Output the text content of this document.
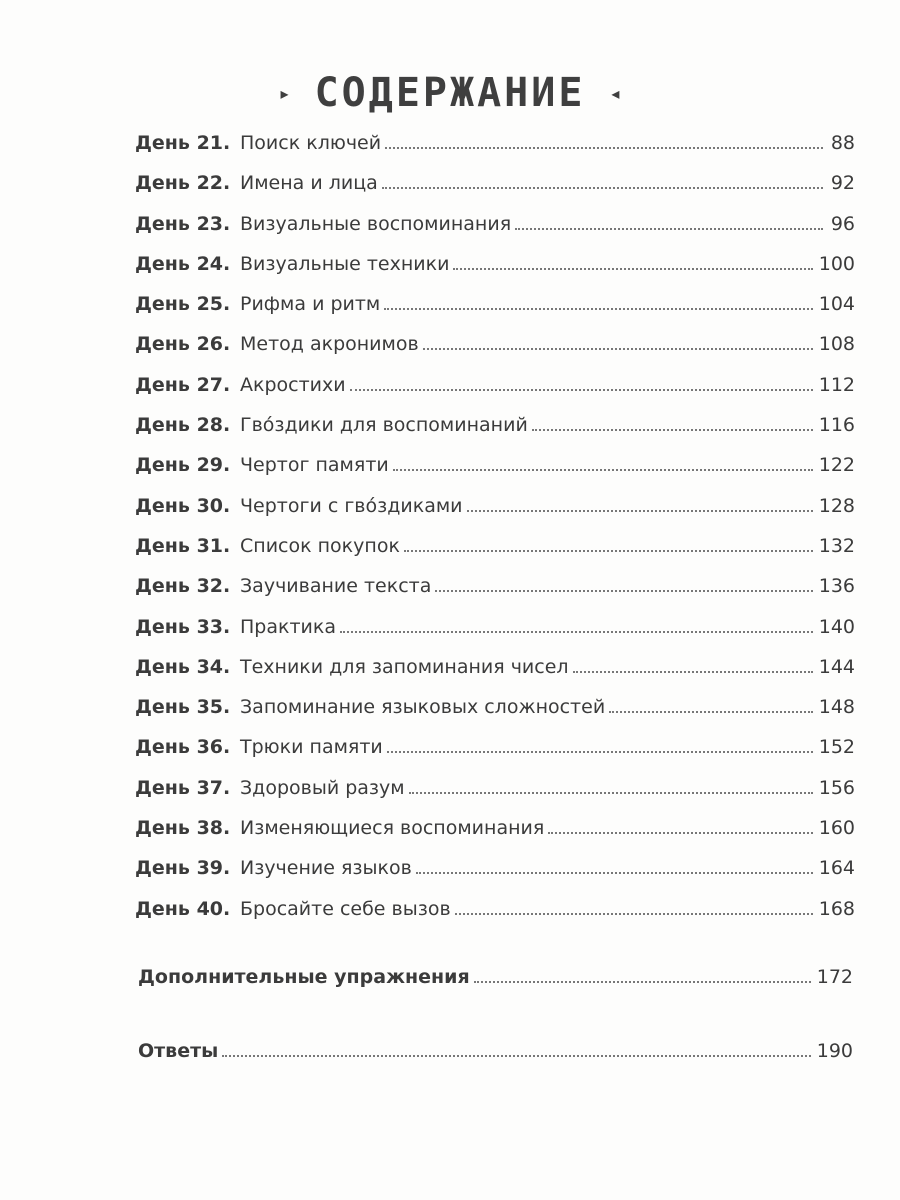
▸ СОДЕРЖАНИЕ ◂
День 21. Поиск ключей	88
День 22. Имена и лица	92
День 23. Визуальные воспоминания	96
День 24. Визуальные техники	100
День 25. Рифма и ритм	104
День 26. Метод акронимов	108
День 27. Акростихи	112
День 28. Гвóздики для воспоминаний	116
День 29. Чертог памяти	122
День 30. Чертоги с гвóздиками	128
День 31. Список покупок	132
День 32. Заучивание текста	136
День 33. Практика	140
День 34. Техники для запоминания чисел	144
День 35. Запоминание языковых сложностей	148
День 36. Трюки памяти	152
День 37. Здоровый разум	156
День 38. Изменяющиеся воспоминания	160
День 39. Изучение языков	164
День 40. Бросайте себе вызов	168
Дополнительные упражнения	172
Ответы	190
